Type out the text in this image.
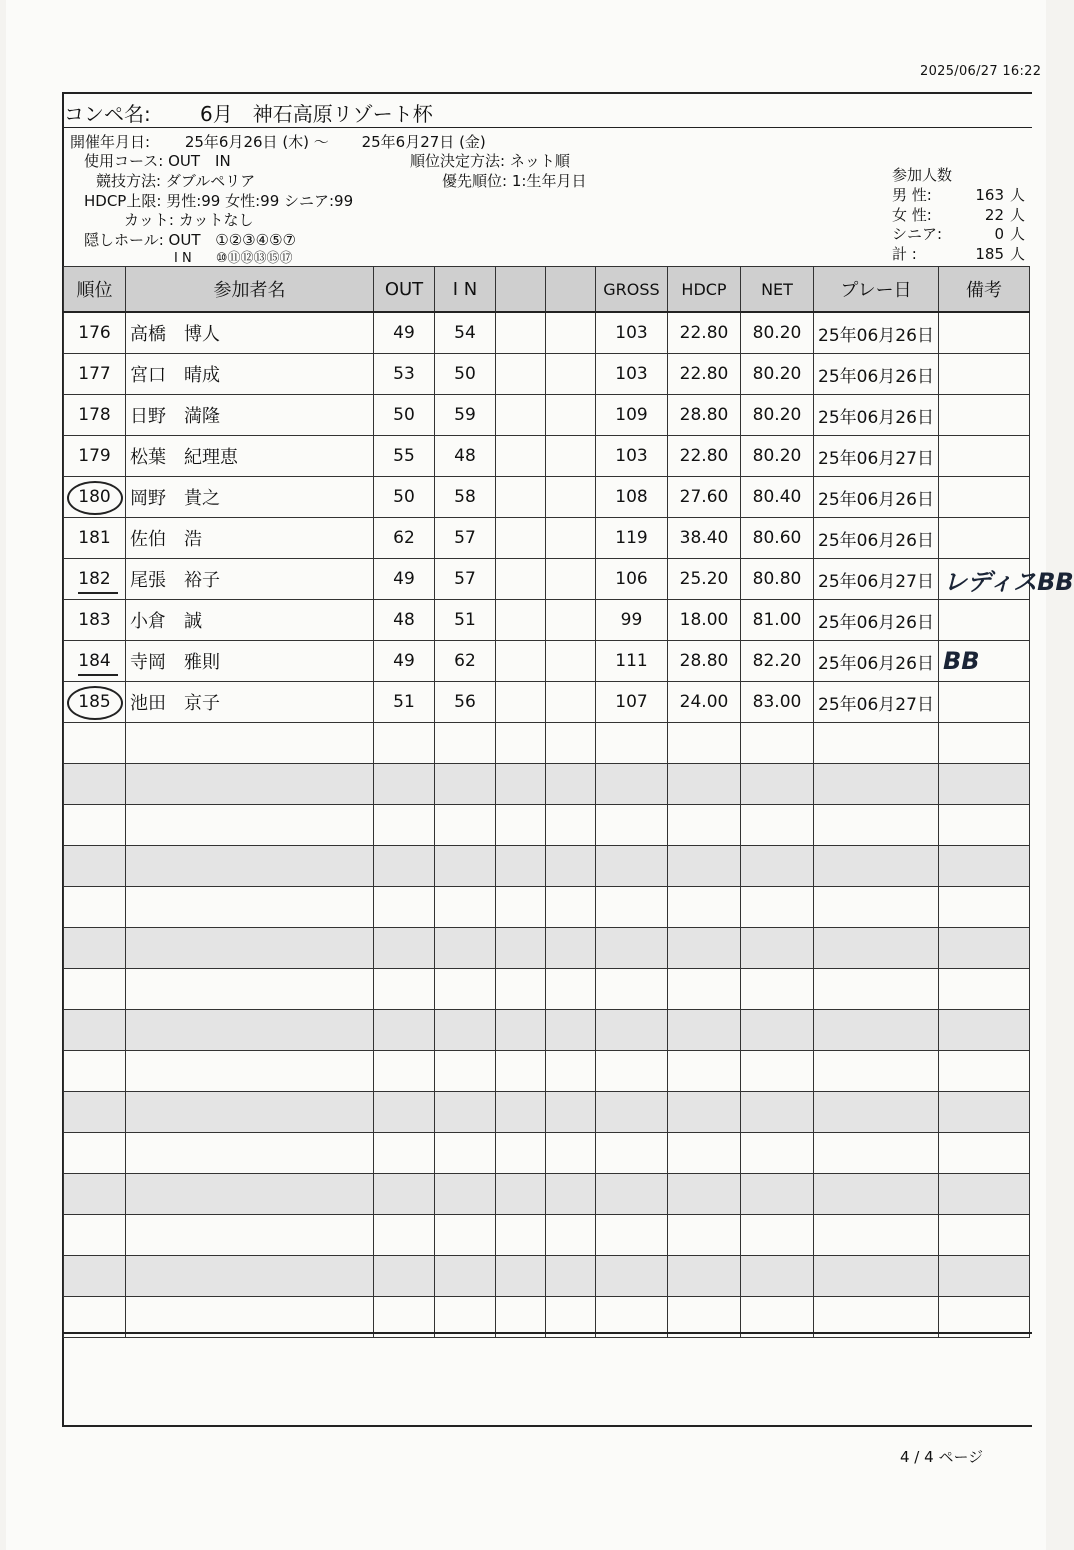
2025/06/27 16:22
コンペ名: 6月　神石高原リゾート杯
開催年月日: 25年6月26日 (木) ～ 25年6月27日 (金)
使用コース: OUT　IN	順位決定方法: ネット順
競技方法: ダブルペリア	優先順位: 1:生年月日
HDCP上限: 男性:99 女性:99 シニア:99
カット: カットなし
隠しホール: OUT ①②③④⑤⑦
I N ⑩⑪⑫⑬⑮⑰
参加人数
男 性:	163 人
女 性:	22 人
シニア:	0 人
計 :	185 人
順位	参加者名	OUT	I N			GROSS	HDCP	NET	プレー日	備考
176	高橋　博人	49	54			103	22.80	80.20	25年06月26日	
177	宮口　晴成	53	50			103	22.80	80.20	25年06月26日	
178	日野　満隆	50	59			109	28.80	80.20	25年06月26日	
179	松葉　紀理恵	55	48			103	22.80	80.20	25年06月27日	
180	岡野　貴之	50	58			108	27.60	80.40	25年06月26日	
181	佐伯　浩	62	57			119	38.40	80.60	25年06月26日	
182	尾張　裕子	49	57			106	25.20	80.80	25年06月27日	レディスBB
183	小倉　誠	48	51			99	18.00	81.00	25年06月26日	
184	寺岡　雅則	49	62			111	28.80	82.20	25年06月26日	BB
185	池田　京子	51	56			107	24.00	83.00	25年06月27日	

4 / 4 ページ
